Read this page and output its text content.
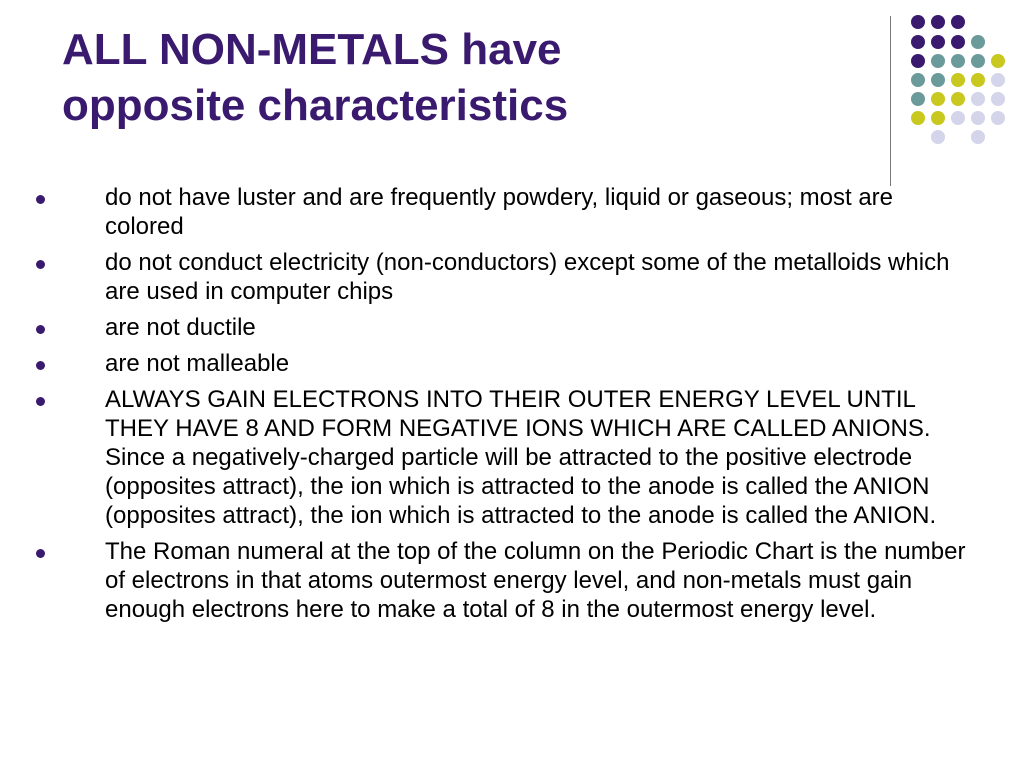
ALL NON-METALS have
opposite characteristics
do not have luster and are frequently powdery, liquid or gaseous; most are colored
do not conduct electricity (non-conductors) except some of the metalloids which are used in computer chips
are not ductile
are not malleable
ALWAYS GAIN ELECTRONS INTO THEIR OUTER ENERGY LEVEL UNTIL THEY HAVE 8 AND FORM NEGATIVE IONS WHICH ARE CALLED ANIONS. Since a negatively-charged particle will be attracted to the positive electrode (opposites attract), the ion which is attracted to the anode is called the ANION (opposites attract), the ion which is attracted to the anode is called the ANION.
The Roman numeral at the top of the column on the Periodic Chart is the number of electrons in that atoms outermost energy level, and non-metals must gain enough electrons here to make a total of 8 in the outermost energy level.
